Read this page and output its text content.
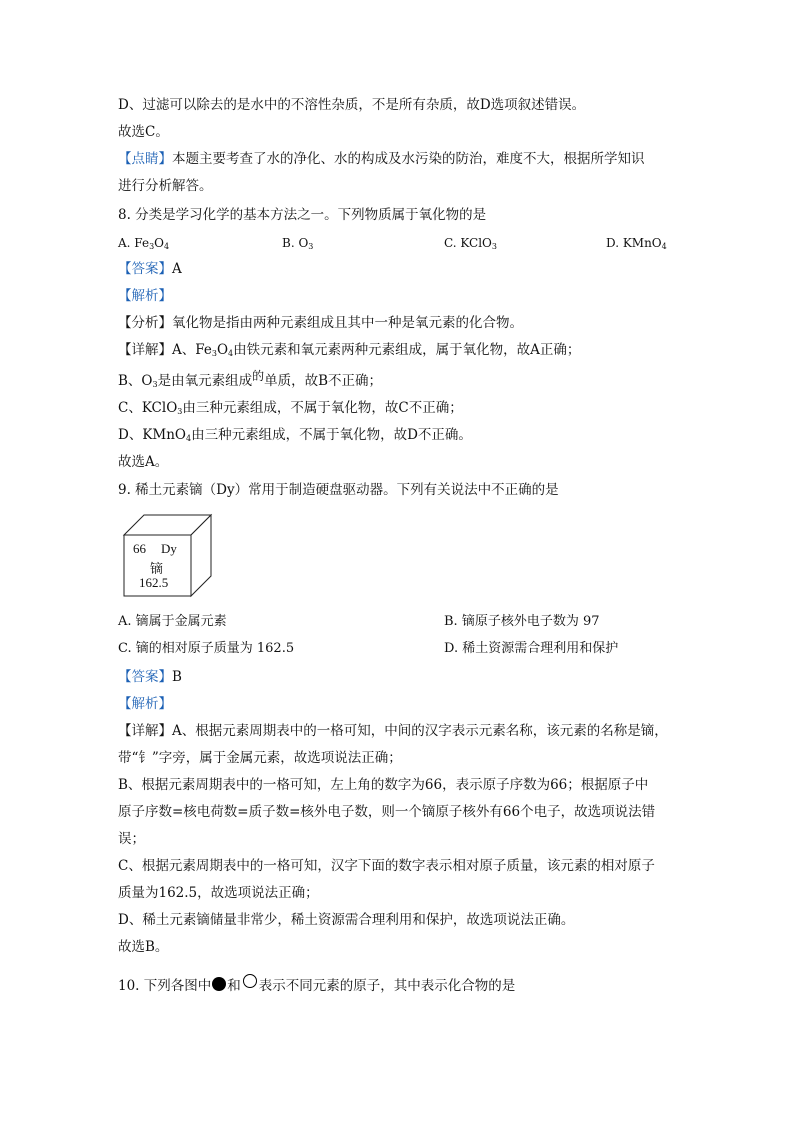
D、过滤可以除去的是水中的不溶性杂质，不是所有杂质，故D选项叙述错误。
故选C。
【点睛】本题主要考查了水的净化、水的构成及水污染的防治，难度不大，根据所学知识
进行分析解答。
8. 分类是学习化学的基本方法之一。下列物质属于氧化物的是
A. $Fe_3O_4$	B. $O_3$	C. KClO$_3$	D. KMnO$_4$
【答案】A
【解析】
【分析】氧化物是指由两种元素组成且其中一种是氧元素的化合物。
【详解】A、$Fe_3O_4$由铁元素和氧元素两种元素组成，属于氧化物，故A正确；
B、$O_3$是由氧元素组成的单质，故B不正确；
C、KClO$_3$由三种元素组成，不属于氧化物，故C不正确；
D、KMnO$_4$由三种元素组成，不属于氧化物，故D不正确。
故选A。
9. 稀土元素镝（Dy）常用于制造硬盘驱动器。下列有关说法中不正确的是
66 Dy
镝
162.5
A. 镝属于金属元素	B. 镝原子核外电子数为 97
C. 镝的相对原子质量为 162.5	D. 稀土资源需合理利用和保护
【答案】B
【解析】
【详解】A、根据元素周期表中的一格可知，中间的汉字表示元素名称，该元素的名称是镝，
带“钅”字旁，属于金属元素，故选项说法正确；
B、根据元素周期表中的一格可知，左上角的数字为66，表示原子序数为66；根据原子中
原子序数=核电荷数=质子数=核外电子数，则一个镝原子核外有66个电子，故选项说法错
误；
C、根据元素周期表中的一格可知，汉字下面的数字表示相对原子质量，该元素的相对原子
质量为162.5，故选项说法正确；
D、稀土元素镝储量非常少，稀土资源需合理利用和保护，故选项说法正确。
故选B。
10. 下列各图中 和 表示不同元素的原子，其中表示化合物的是
